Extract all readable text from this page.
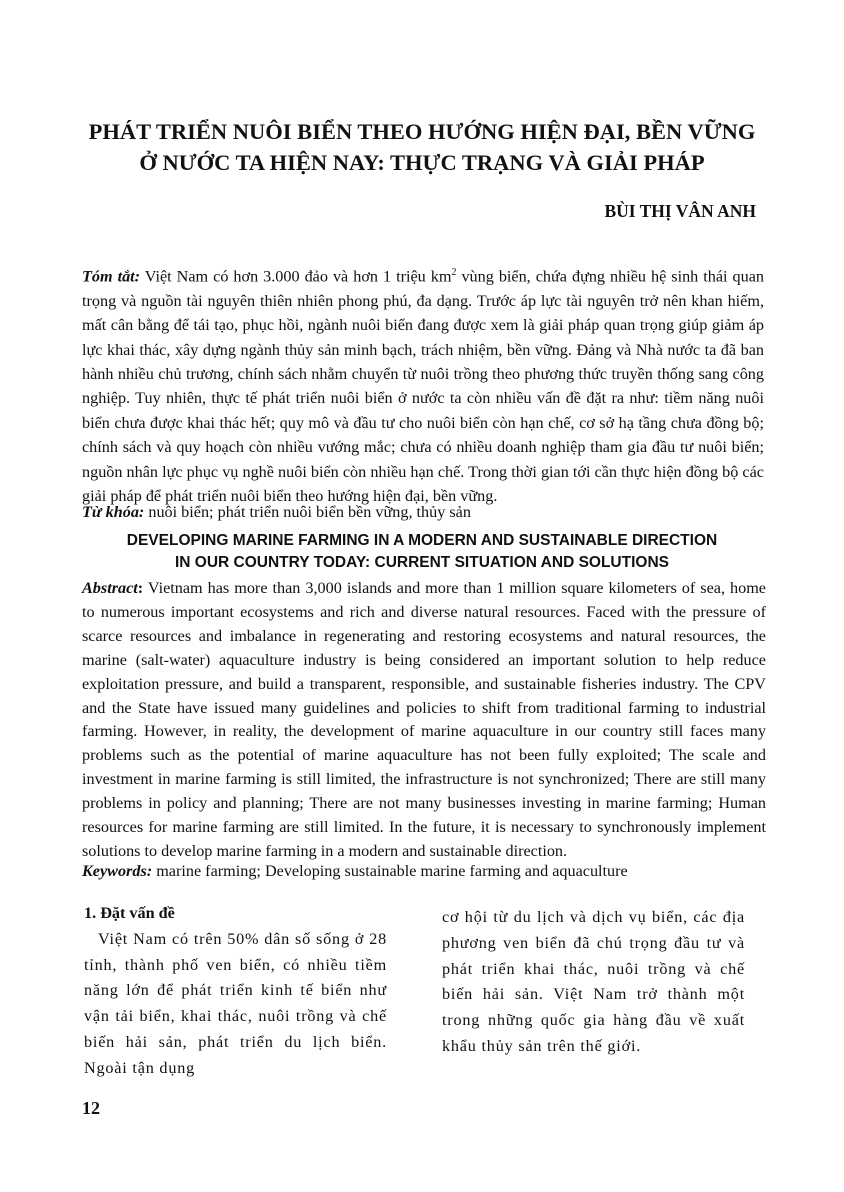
PHÁT TRIỂN NUÔI BIỂN THEO HƯỚNG HIỆN ĐẠI, BỀN VỮNG
Ở NƯỚC TA HIỆN NAY: THỰC TRẠNG VÀ GIẢI PHÁP

BÙI THỊ VÂN ANH

Tóm tắt: Việt Nam có hơn 3.000 đảo và hơn 1 triệu $km^2$ vùng biển, chứa đựng nhiều hệ sinh thái quan trọng và nguồn tài nguyên thiên nhiên phong phú, đa dạng. Trước áp lực tài nguyên trở nên khan hiếm, mất cân bằng để tái tạo, phục hồi, ngành nuôi biển đang được xem là giải pháp quan trọng giúp giảm áp lực khai thác, xây dựng ngành thủy sản minh bạch, trách nhiệm, bền vững. Đảng và Nhà nước ta đã ban hành nhiều chủ trương, chính sách nhằm chuyển từ nuôi trồng theo phương thức truyền thống sang công nghiệp. Tuy nhiên, thực tế phát triển nuôi biển ở nước ta còn nhiều vấn đề đặt ra như: tiềm năng nuôi biển chưa được khai thác hết; quy mô và đầu tư cho nuôi biển còn hạn chế, cơ sở hạ tầng chưa đồng bộ; chính sách và quy hoạch còn nhiều vướng mắc; chưa có nhiều doanh nghiệp tham gia đầu tư nuôi biển; nguồn nhân lực phục vụ nghề nuôi biển còn nhiều hạn chế. Trong thời gian tới cần thực hiện đồng bộ các giải pháp để phát triển nuôi biển theo hướng hiện đại, bền vững.

Từ khóa: nuôi biển; phát triển nuôi biển bền vững, thủy sản

DEVELOPING MARINE FARMING IN A MODERN AND SUSTAINABLE DIRECTION
IN OUR COUNTRY TODAY: CURRENT SITUATION AND SOLUTIONS

Abstract: Vietnam has more than 3,000 islands and more than 1 million square kilometers of sea, home to numerous important ecosystems and rich and diverse natural resources. Faced with the pressure of scarce resources and imbalance in regenerating and restoring ecosystems and natural resources, the marine (salt-water) aquaculture industry is being considered an important solution to help reduce exploitation pressure, and build a transparent, responsible, and sustainable fisheries industry. The CPV and the State have issued many guidelines and policies to shift from traditional farming to industrial farming. However, in reality, the development of marine aquaculture in our country still faces many problems such as the potential of marine aquaculture has not been fully exploited; The scale and investment in marine farming is still limited, the infrastructure is not synchronized; There are still many problems in policy and planning; There are not many businesses investing in marine farming; Human resources for marine farming are still limited. In the future, it is necessary to synchronously implement solutions to develop marine farming in a modern and sustainable direction.

Keywords: marine farming; Developing sustainable marine farming and aquaculture

1. Đặt vấn đề

Việt Nam có trên 50% dân số sống ở 28 tỉnh, thành phố ven biển, có nhiều tiềm năng lớn để phát triển kinh tế biển như vận tải biển, khai thác, nuôi trồng và chế biến hải sản, phát triển du lịch biển. Ngoài tận dụng

cơ hội từ du lịch và dịch vụ biển, các địa phương ven biển đã chú trọng đầu tư và phát triển khai thác, nuôi trồng và chế biến hải sản. Việt Nam trở thành một trong những quốc gia hàng đầu về xuất khẩu thủy sản trên thế giới.

12
